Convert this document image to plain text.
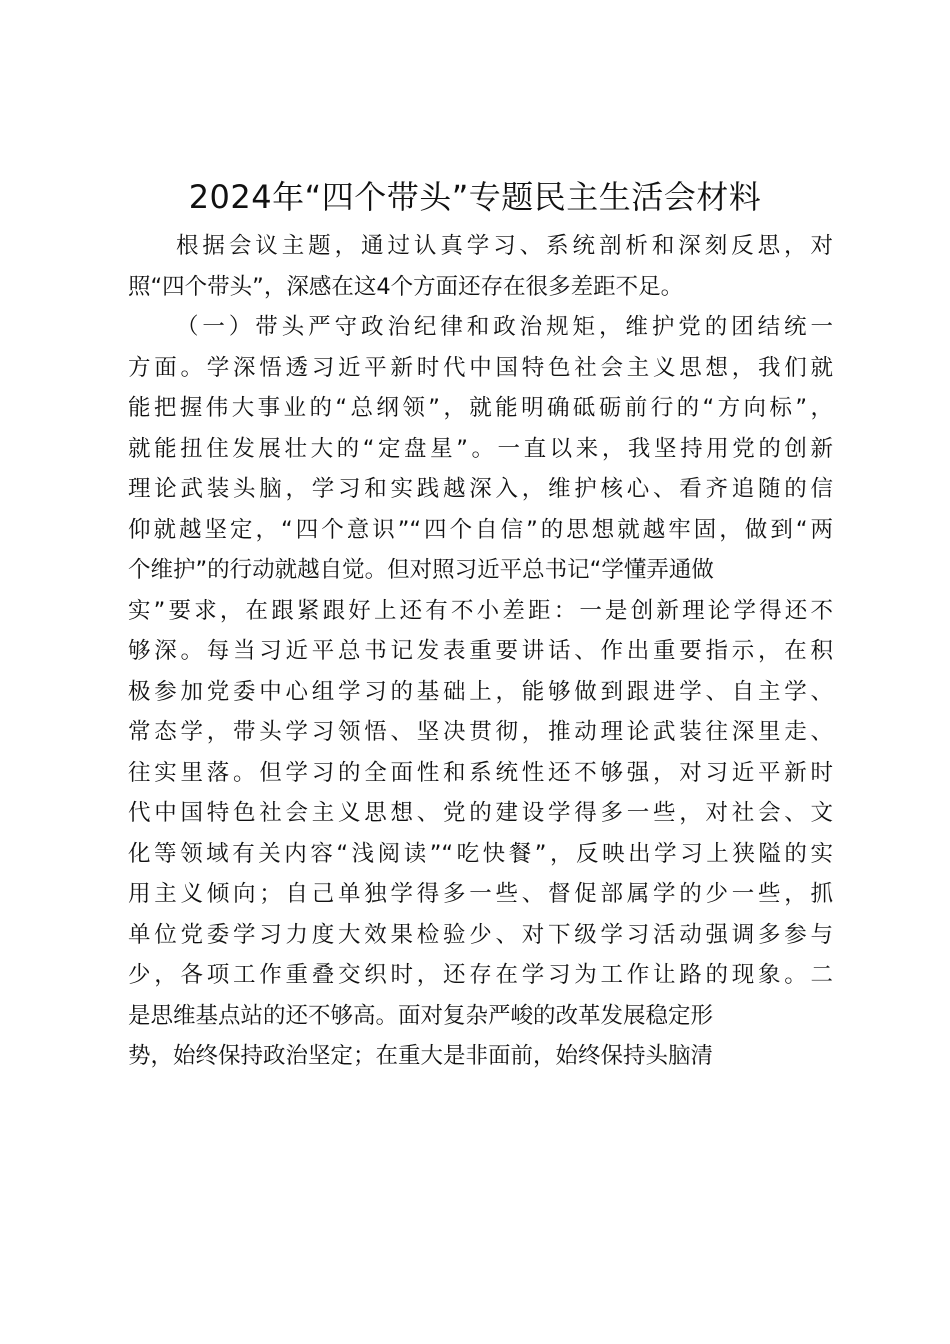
2024年“四个带头”专题民主生活会材料
根据会议主题，通过认真学习、系统剖析和深刻反思，对
照“四个带头”，深感在这4个方面还存在很多差距不足。
（一）带头严守政治纪律和政治规矩，维护党的团结统一
方面。学深悟透习近平新时代中国特色社会主义思想，我们就
能把握伟大事业的“总纲领”，就能明确砥砺前行的“方向标”，
就能扭住发展壮大的“定盘星”。一直以来，我坚持用党的创新
理论武装头脑，学习和实践越深入，维护核心、看齐追随的信
仰就越坚定，“四个意识”“四个自信”的思想就越牢固，做到“两
个维护”的行动就越自觉。但对照习近平总书记“学懂弄通做
实”要求，在跟紧跟好上还有不小差距：一是创新理论学得还不
够深。每当习近平总书记发表重要讲话、作出重要指示，在积
极参加党委中心组学习的基础上，能够做到跟进学、自主学、
常态学，带头学习领悟、坚决贯彻，推动理论武装往深里走、
往实里落。但学习的全面性和系统性还不够强，对习近平新时
代中国特色社会主义思想、党的建设学得多一些，对社会、文
化等领域有关内容“浅阅读”“吃快餐”，反映出学习上狭隘的实
用主义倾向；自己单独学得多一些、督促部属学的少一些，抓
单位党委学习力度大效果检验少、对下级学习活动强调多参与
少，各项工作重叠交织时，还存在学习为工作让路的现象。二
是思维基点站的还不够高。面对复杂严峻的改革发展稳定形
势，始终保持政治坚定；在重大是非面前，始终保持头脑清
